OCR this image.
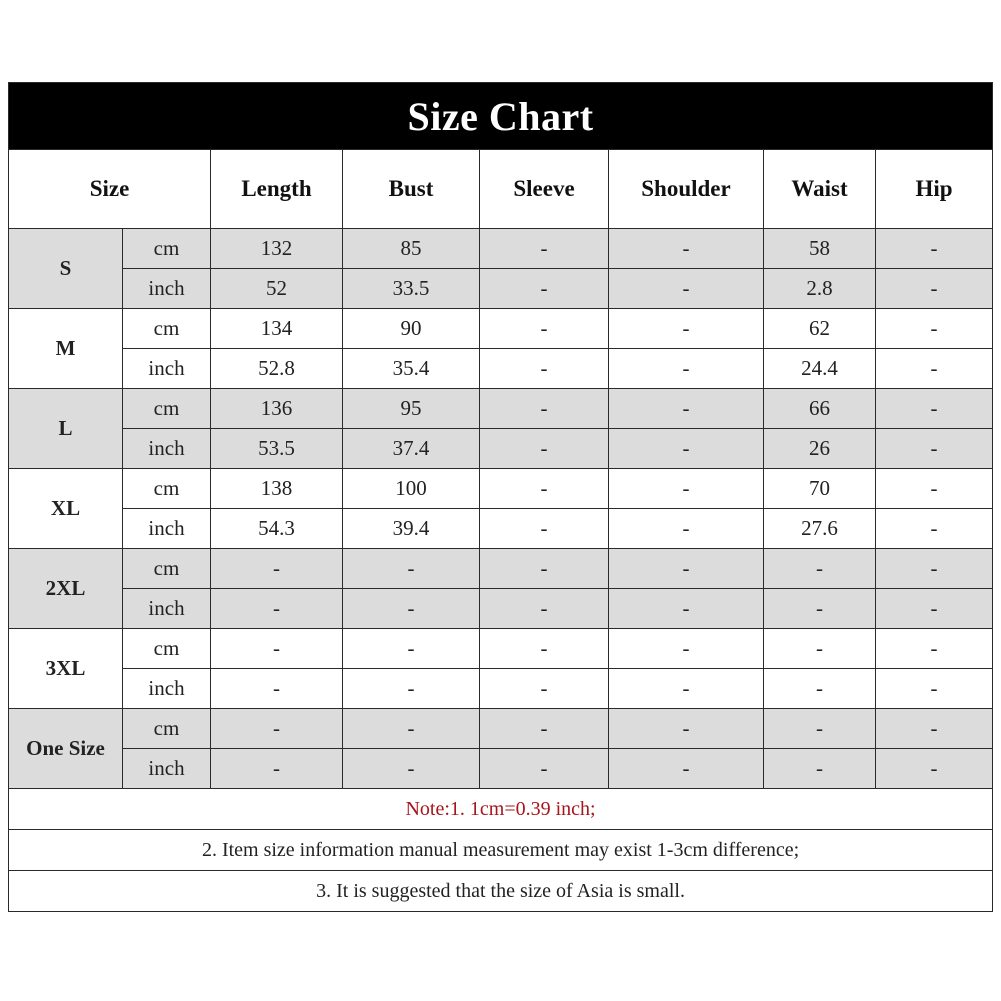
Size Chart							
Size		Length	Bust	Sleeve	Shoulder	Waist	Hip
S	cm	132	85	-	-	58	-
	inch	52	33.5	-	-	2.8	-
M	cm	134	90	-	-	62	-
	inch	52.8	35.4	-	-	24.4	-
L	cm	136	95	-	-	66	-
	inch	53.5	37.4	-	-	26	-
XL	cm	138	100	-	-	70	-
	inch	54.3	39.4	-	-	27.6	-
2XL	cm	-	-	-	-	-	-
	inch	-	-	-	-	-	-
3XL	cm	-	-	-	-	-	-
	inch	-	-	-	-	-	-
One Size	cm	-	-	-	-	-	-
	inch	-	-	-	-	-	-
Note:1. 1cm=0.39 inch;							
2. Item size information manual measurement may exist 1-3cm difference;							
3. It is suggested that the size of Asia is small.							
